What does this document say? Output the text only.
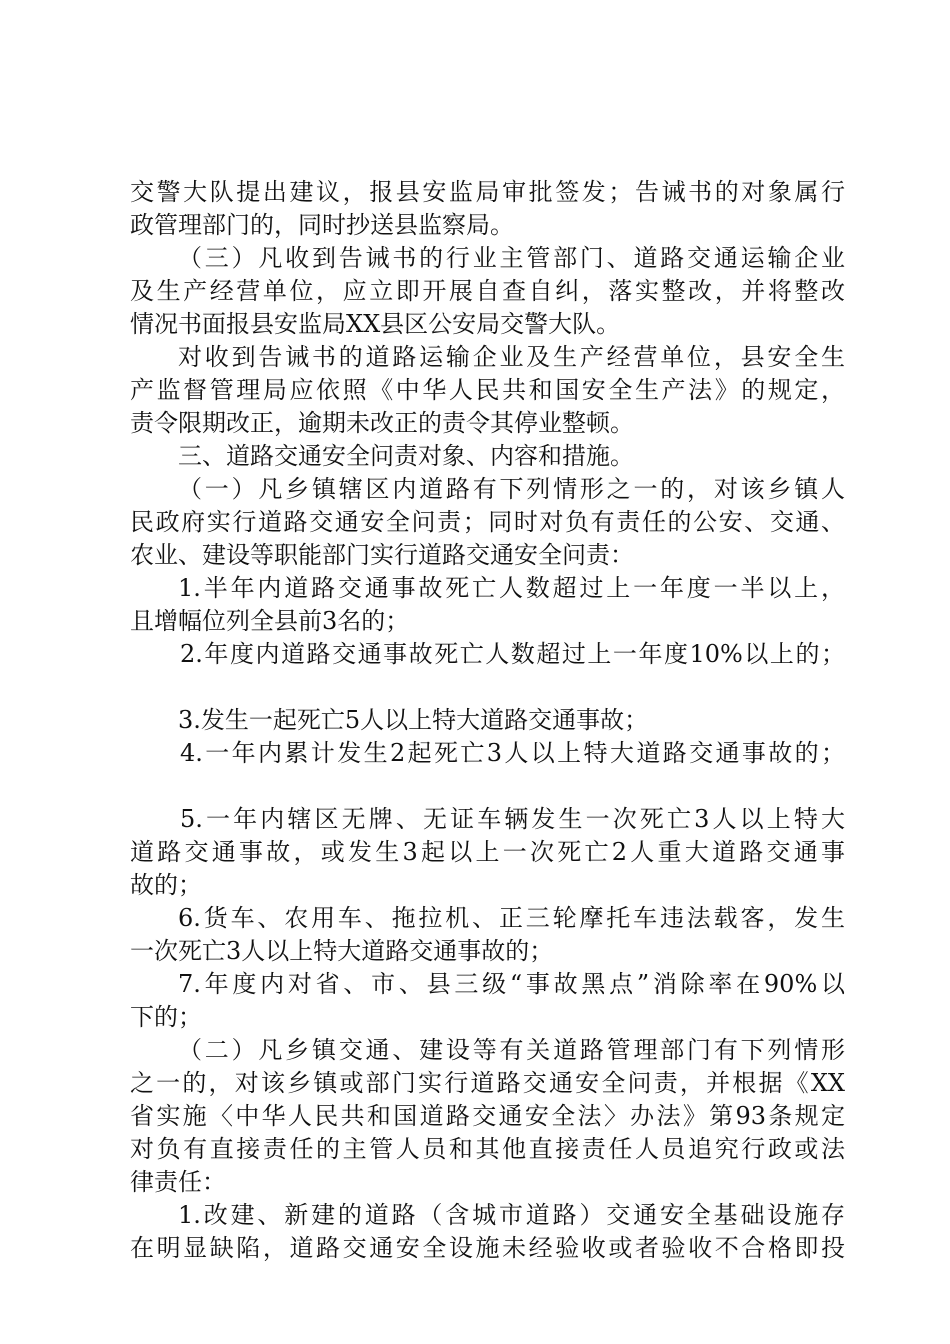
交警大队提出建议，报县安监局审批签发；告诫书的对象属行
政管理部门的，同时抄送县监察局。
（三）凡收到告诫书的行业主管部门、道路交通运输企业
及生产经营单位，应立即开展自查自纠，落实整改，并将整改
情况书面报县安监局XX县区公安局交警大队。
对收到告诫书的道路运输企业及生产经营单位，县安全生
产监督管理局应依照《中华人民共和国安全生产法》的规定，
责令限期改正，逾期未改正的责令其停业整顿。
三、道路交通安全问责对象、内容和措施。
（一）凡乡镇辖区内道路有下列情形之一的，对该乡镇人
民政府实行道路交通安全问责；同时对负有责任的公安、交通、
农业、建设等职能部门实行道路交通安全问责：
1.半年内道路交通事故死亡人数超过上一年度一半以上，
且增幅位列全县前3名的；
2.年度内道路交通事故死亡人数超过上一年度10%以上的；
3.发生一起死亡5人以上特大道路交通事故；
4.一年内累计发生2起死亡3人以上特大道路交通事故的；
5.一年内辖区无牌、无证车辆发生一次死亡3人以上特大
道路交通事故，或发生3起以上一次死亡2人重大道路交通事
故的；
6.货车、农用车、拖拉机、正三轮摩托车违法载客，发生
一次死亡3人以上特大道路交通事故的；
7.年度内对省、市、县三级“事故黑点”消除率在90%以
下的；
（二）凡乡镇交通、建设等有关道路管理部门有下列情形
之一的，对该乡镇或部门实行道路交通安全问责，并根据《XX
省实施〈中华人民共和国道路交通安全法〉办法》第93条规定
对负有直接责任的主管人员和其他直接责任人员追究行政或法
律责任：
1.改建、新建的道路（含城市道路）交通安全基础设施存
在明显缺陷，道路交通安全设施未经验收或者验收不合格即投
